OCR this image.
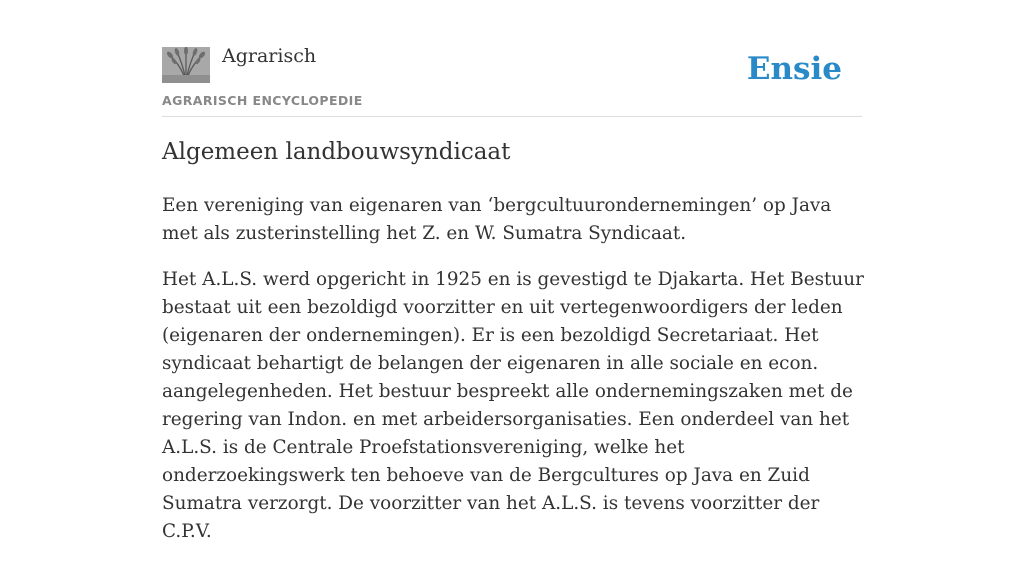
Agrarisch
AGRARISCH ENCYCLOPEDIE
Ensie
Algemeen landbouwsyndicaat

Een vereniging van eigenaren van ‘bergcultuurondernemingen’ op Java met als zusterinstelling het Z. en W. Sumatra Syndicaat.

Het A.L.S. werd opgericht in 1925 en is gevestigd te Djakarta. Het Bestuur bestaat uit een bezoldigd voorzitter en uit vertegenwoordigers der leden (eigenaren der ondernemingen). Er is een bezoldigd Secretariaat. Het syndicaat behartigt de belangen der eigenaren in alle sociale en econ. aangelegenheden. Het bestuur bespreekt alle ondernemingszaken met de regering van Indon. en met arbeidersorganisaties. Een onderdeel van het A.L.S. is de Centrale Proefstationsvereniging, welke het onderzoekingswerk ten behoeve van de Bergcultures op Java en Zuid Sumatra verzorgt. De voorzitter van het A.L.S. is tevens voorzitter der C.P.V.
